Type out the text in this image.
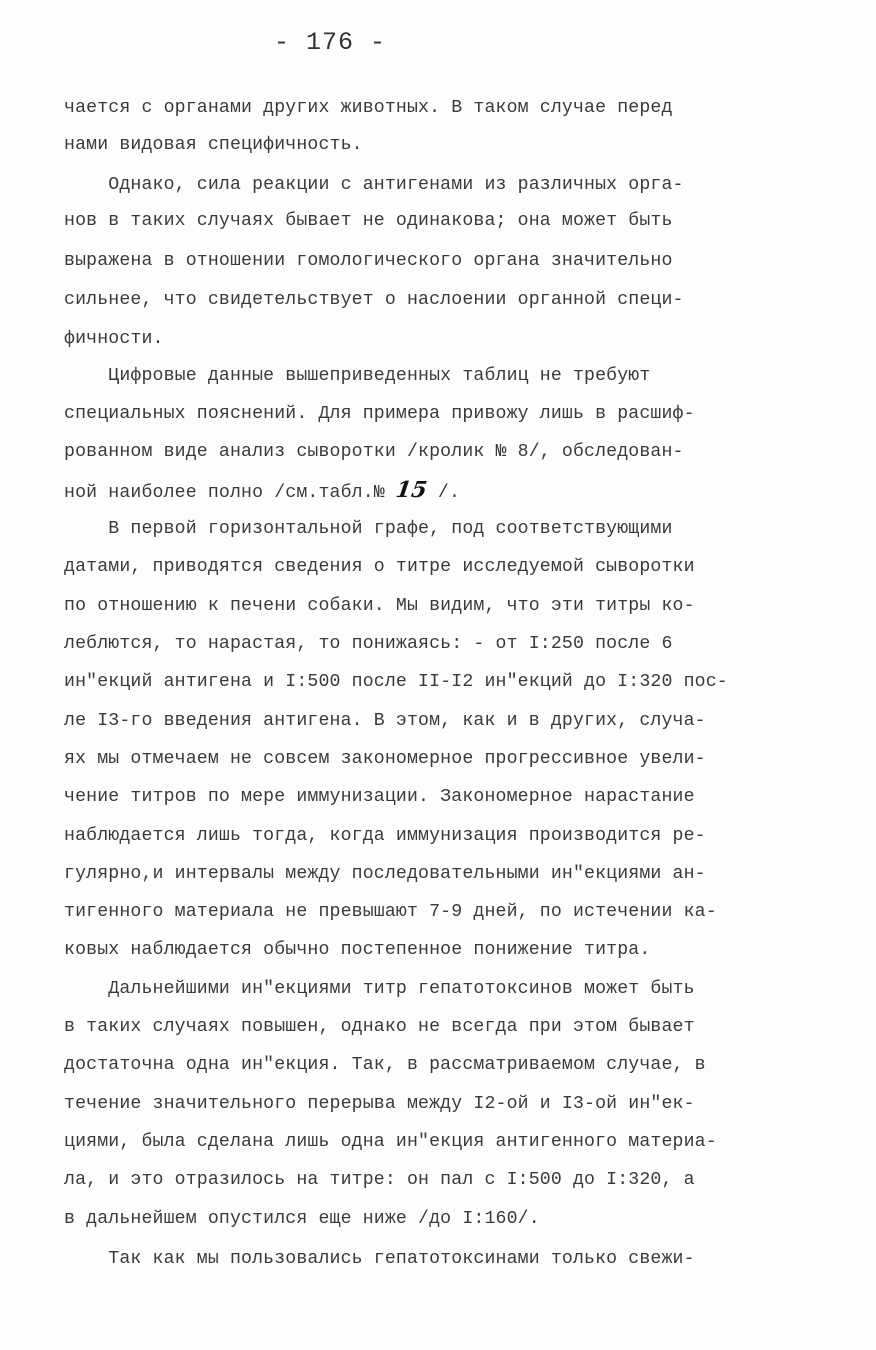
- 176 -
чается с органами других животных. В таком случае перед
нами видовая специфичность.
Однако, сила реакции с антигенами из различных орга-
нов в таких случаях бывает не одинакова; она может быть
выражена в отношении гомологического органа значительно
сильнее, что свидетельствует о наслоении органной специ-
фичности.
Цифровые данные вышеприведенных таблиц не требуют
специальных пояснений. Для примера привожу лишь в расшиф-
рованном виде анализ сыворотки /кролик № 8/, обследован-
ной наиболее полно /см.табл.№ 15 /.
В первой горизонтальной графе, под соответствующими
датами, приводятся сведения о титре исследуемой сыворотки
по отношению к печени собаки. Мы видим, что эти титры ко-
леблются, то нарастая, то понижаясь: - от I:250 после 6
ин"екций антигена и I:500 после II-I2 ин"екций до I:320 пос-
ле I3-го введения антигена. В этом, как и в других, случа-
ях мы отмечаем не совсем закономерное прогрессивное увели-
чение титров по мере иммунизации. Закономерное нарастание
наблюдается лишь тогда, когда иммунизация производится ре-
гулярно,и интервалы между последовательными ин"екциями ан-
тигенного материала не превышают 7-9 дней, по истечении ка-
ковых наблюдается обычно постепенное понижение титра.
Дальнейшими ин"екциями титр гепатотоксинов может быть
в таких случаях повышен, однако не всегда при этом бывает
достаточна одна ин"екция. Так, в рассматриваемом случае, в
течение значительного перерыва между I2-ой и I3-ой ин"ек-
циями, была сделана лишь одна ин"екция антигенного материа-
ла, и это отразилось на титре: он пал с I:500 до I:320, а
в дальнейшем опустился еще ниже /до I:160/.
Так как мы пользовались гепатотоксинами только свежи-
